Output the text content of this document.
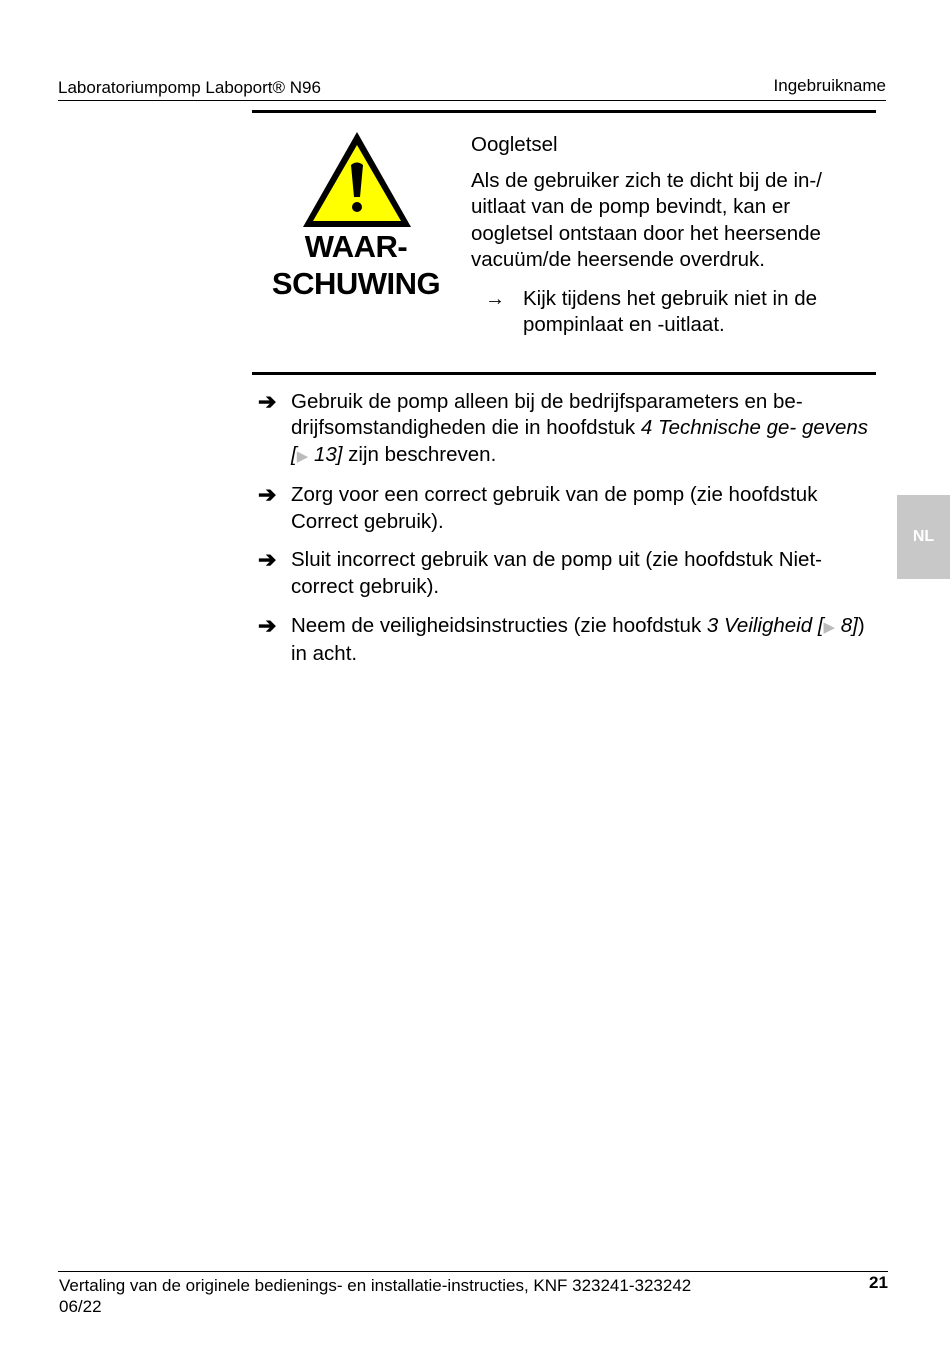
Laboratoriumpomp Laboport® N96	Ingebruikname
WAAR-
SCHUWING

Oogletsel

Als de gebruiker zich te dicht bij de in-/ uitlaat van de pomp bevindt, kan er oogletsel ontstaan door het heersende vacuüm/de heersende overdruk.

→ Kijk tijdens het gebruik niet in de pompinlaat en -uitlaat.

➔ Gebruik de pomp alleen bij de bedrijfsparameters en be- drijfsomstandigheden die in hoofdstuk 4 Technische ge- gevens [▶ 13] zijn beschreven.

➔ Zorg voor een correct gebruik van de pomp (zie hoofdstuk Correct gebruik).

➔ Sluit incorrect gebruik van de pomp uit (zie hoofdstuk Niet-correct gebruik).

➔ Neem de veiligheidsinstructies (zie hoofdstuk 3 Veiligheid [▶ 8]) in acht.

NL
Vertaling van de originele bedienings- en installatie-instructies, KNF 323241-323242
06/22
21
